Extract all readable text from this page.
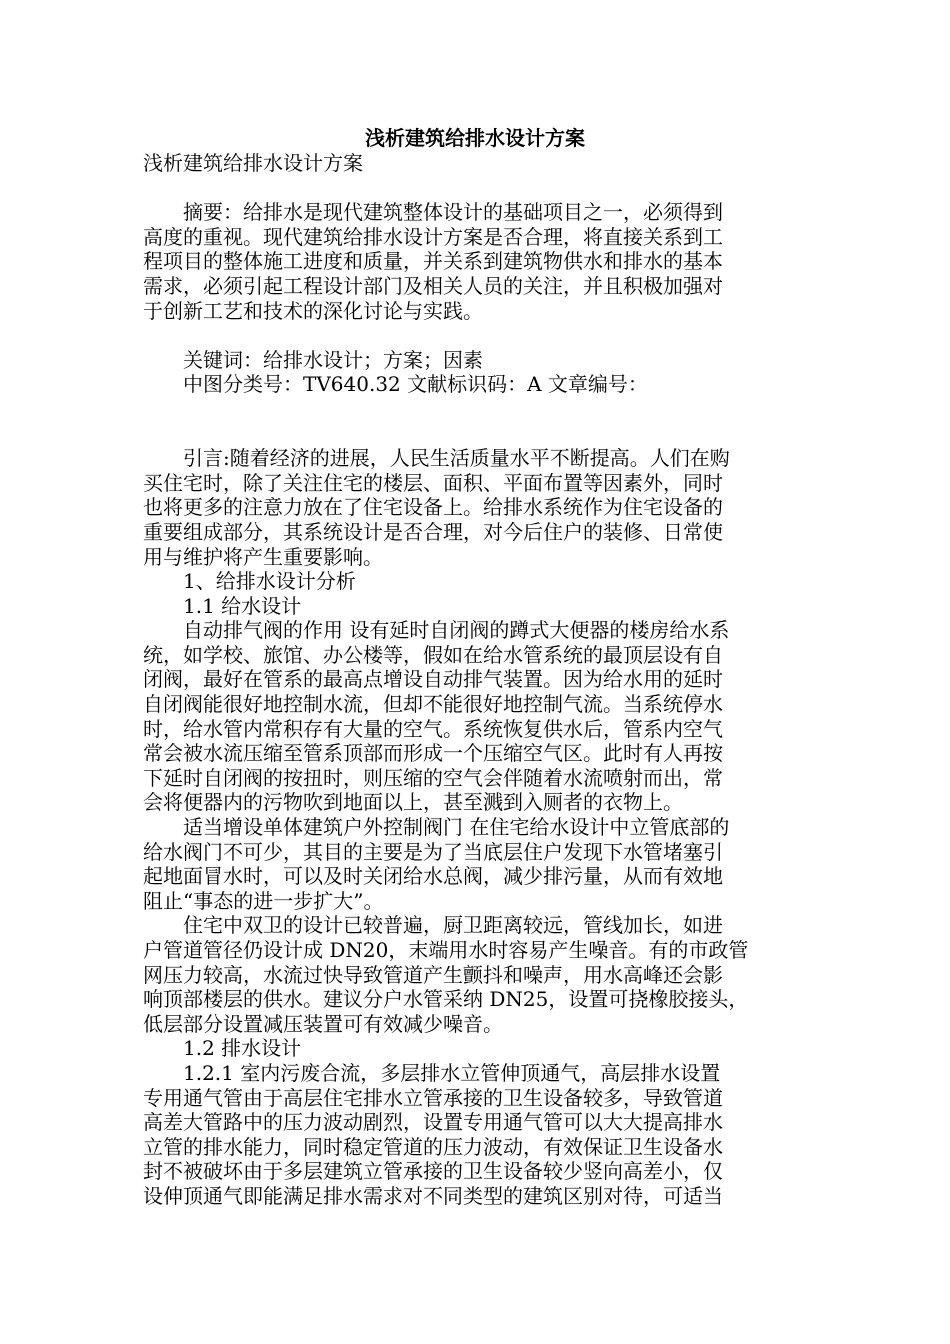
浅析建筑给排水设计方案
浅析建筑给排水设计方案
　　摘要：给排水是现代建筑整体设计的基础项目之一，必须得到
高度的重视。现代建筑给排水设计方案是否合理，将直接关系到工
程项目的整体施工进度和质量，并关系到建筑物供水和排水的基本
需求，必须引起工程设计部门及相关人员的关注，并且积极加强对
于创新工艺和技术的深化讨论与实践。
　　关键词：给排水设计；方案；因素
　　中图分类号：TV640.32 文献标识码：A 文章编号：
　　引言:随着经济的进展，人民生活质量水平不断提高。人们在购
买住宅时，除了关注住宅的楼层、面积、平面布置等因素外，同时
也将更多的注意力放在了住宅设备上。给排水系统作为住宅设备的
重要组成部分，其系统设计是否合理，对今后住户的装修、日常使
用与维护将产生重要影响。
　　1、给排水设计分析
　　1.1 给水设计
　　自动排气阀的作用 设有延时自闭阀的蹲式大便器的楼房给水系
统，如学校、旅馆、办公楼等，假如在给水管系统的最顶层设有自
闭阀，最好在管系的最高点增设自动排气装置。因为给水用的延时
自闭阀能很好地控制水流，但却不能很好地控制气流。当系统停水
时，给水管内常积存有大量的空气。系统恢复供水后，管系内空气
常会被水流压缩至管系顶部而形成一个压缩空气区。此时有人再按
下延时自闭阀的按扭时，则压缩的空气会伴随着水流喷射而出，常
会将便器内的污物吹到地面以上，甚至溅到入厕者的衣物上。
　　适当增设单体建筑户外控制阀门 在住宅给水设计中立管底部的
给水阀门不可少，其目的主要是为了当底层住户发现下水管堵塞引
起地面冒水时，可以及时关闭给水总阀，减少排污量，从而有效地
阻止“事态的进一步扩大”。
　　住宅中双卫的设计已较普遍，厨卫距离较远，管线加长，如进
户管道管径仍设计成 DN20，末端用水时容易产生噪音。有的市政管
网压力较高，水流过快导致管道产生颤抖和噪声，用水高峰还会影
响顶部楼层的供水。建议分户水管采纳 DN25，设置可挠橡胶接头，
低层部分设置减压装置可有效减少噪音。
　　1.2 排水设计
　　1.2.1 室内污废合流，多层排水立管伸顶通气，高层排水设置
专用通气管由于高层住宅排水立管承接的卫生设备较多，导致管道
高差大管路中的压力波动剧烈，设置专用通气管可以大大提高排水
立管的排水能力，同时稳定管道的压力波动，有效保证卫生设备水
封不被破坏由于多层建筑立管承接的卫生设备较少竖向高差小，仅
设伸顶通气即能满足排水需求对不同类型的建筑区别对待，可适当
